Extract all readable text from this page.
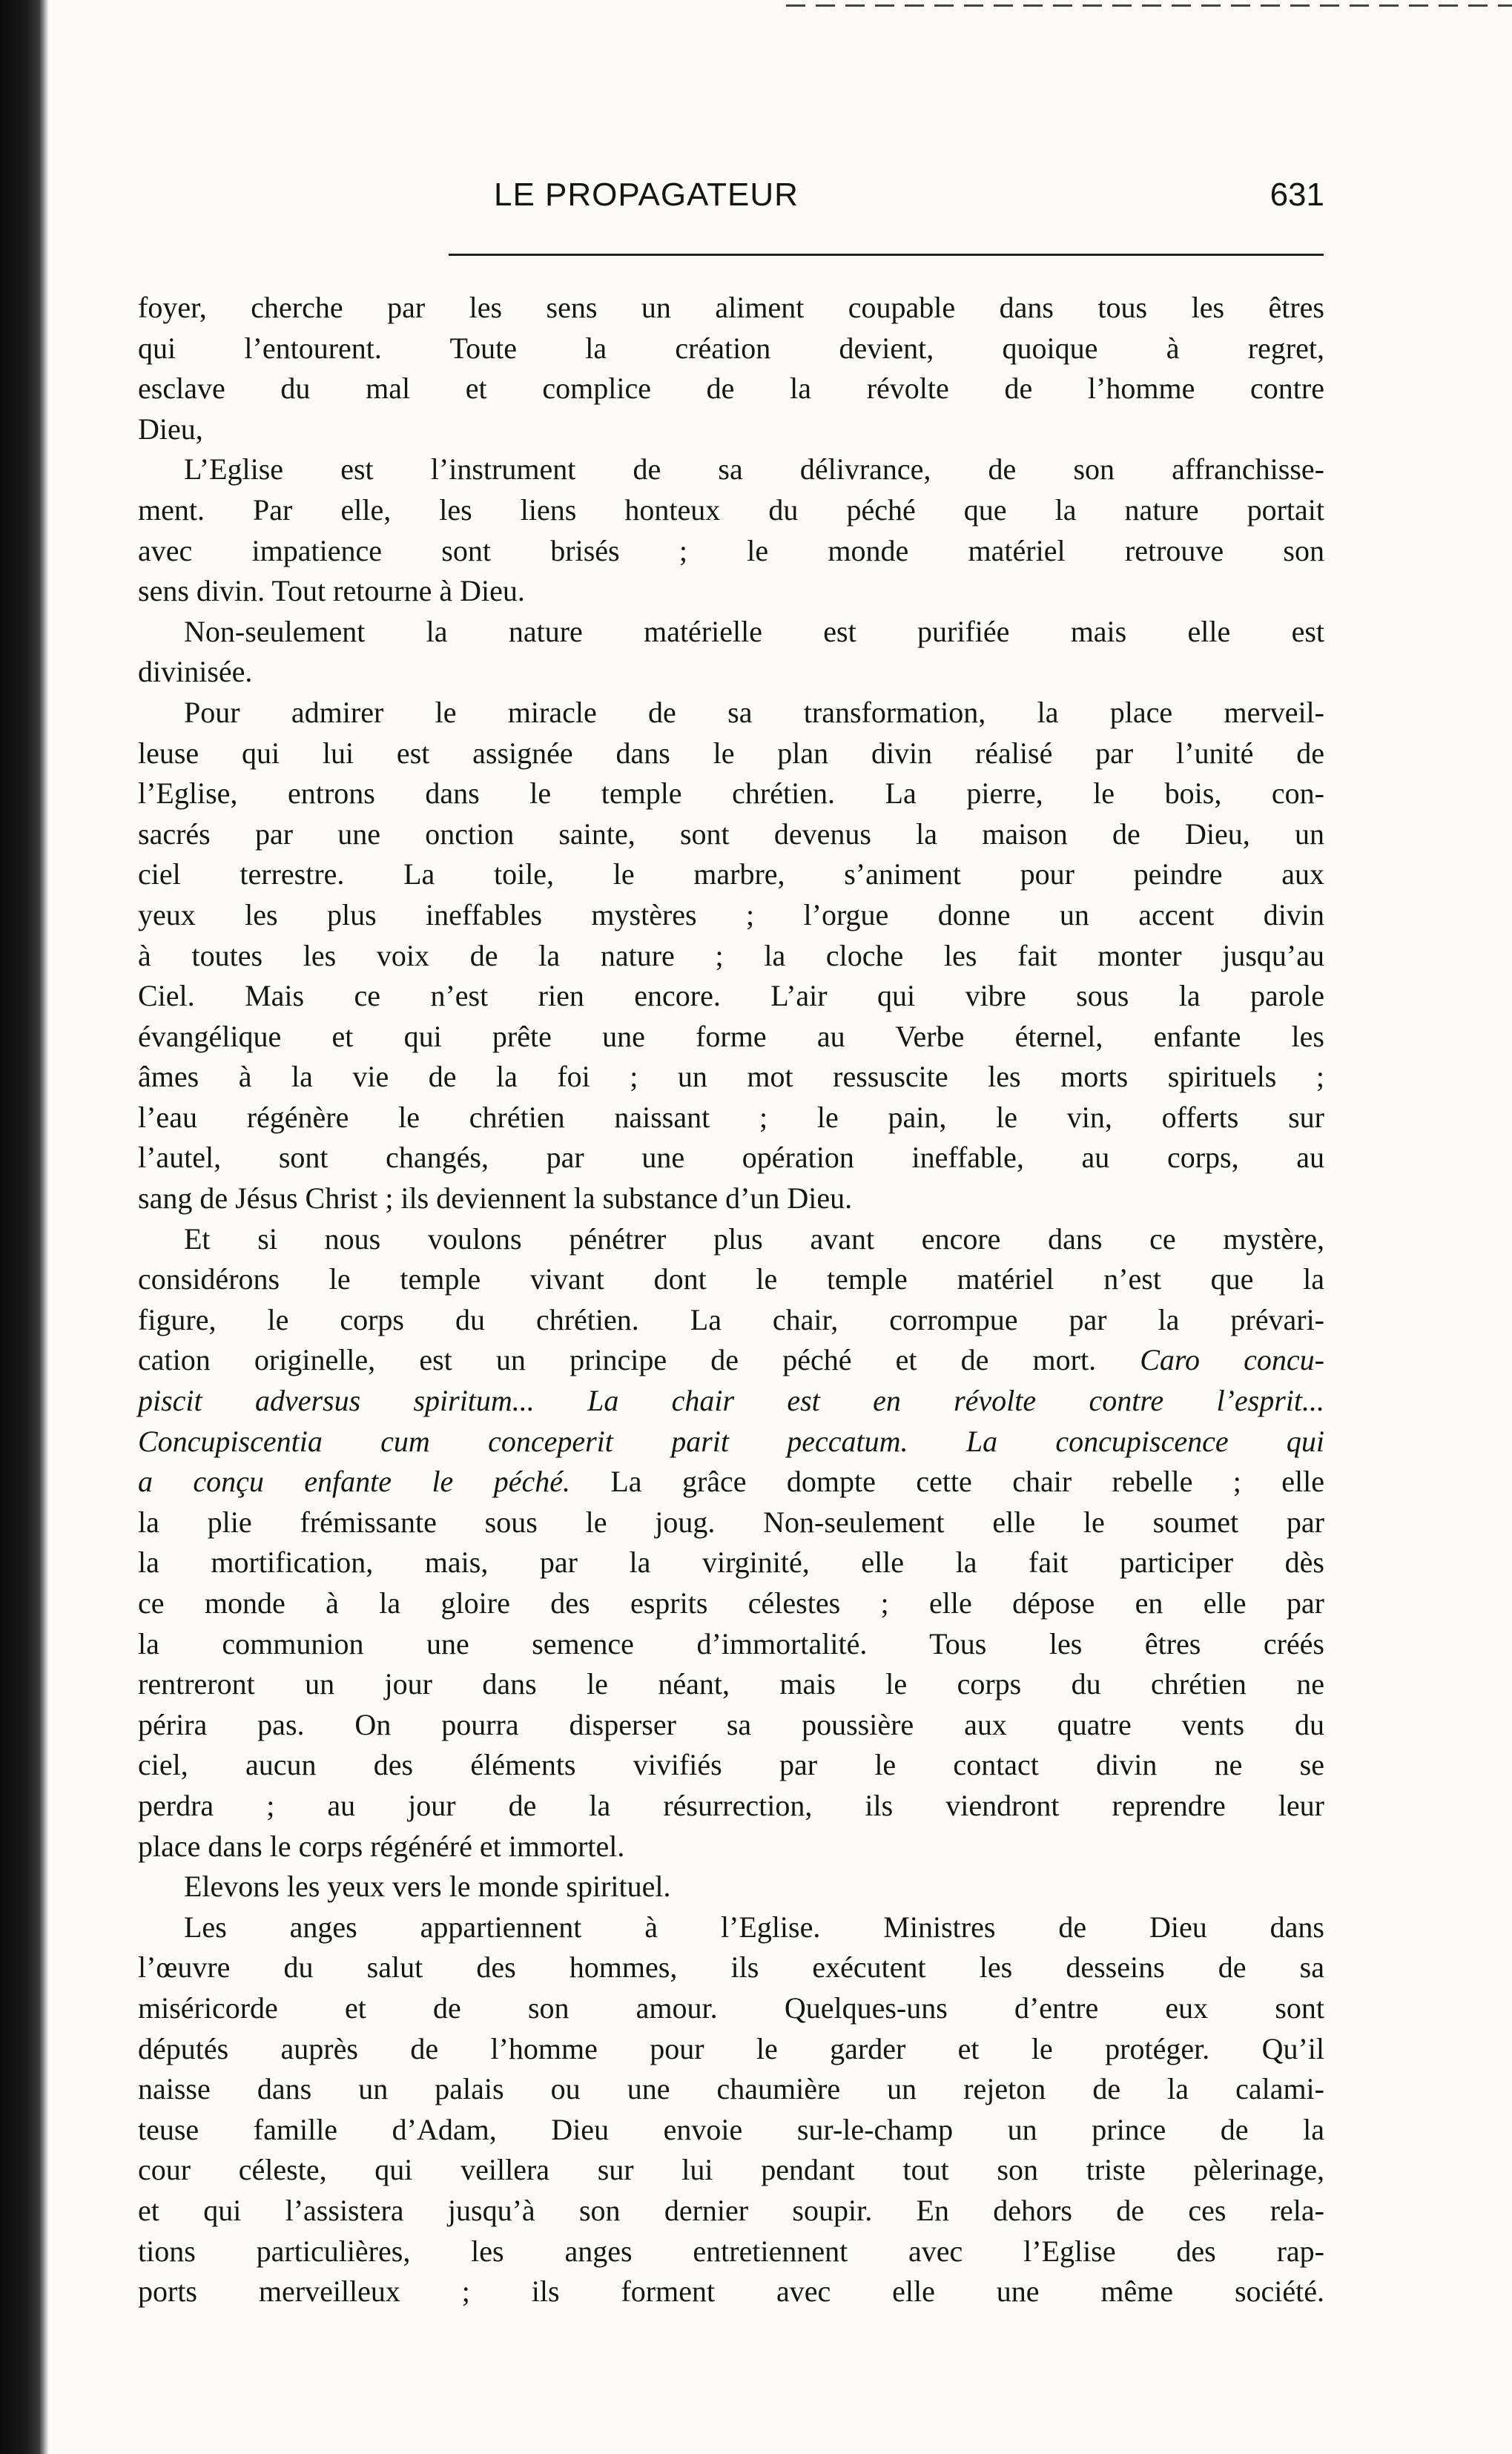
LE PROPAGATEUR	631
foyer, cherche par les sens un aliment coupable dans tous les êtres
qui l’entourent. Toute la création devient, quoique à regret,
esclave du mal et complice de la révolte de l’homme contre
Dieu,
L’Eglise est l’instrument de sa délivrance, de son affranchisse-
ment. Par elle, les liens honteux du péché que la nature portait
avec impatience sont brisés ; le monde matériel retrouve son
sens divin. Tout retourne à Dieu.
Non-seulement la nature matérielle est purifiée mais elle est
divinisée.
Pour admirer le miracle de sa transformation, la place merveil-
leuse qui lui est assignée dans le plan divin réalisé par l’unité de
l’Eglise, entrons dans le temple chrétien. La pierre, le bois, con-
sacrés par une onction sainte, sont devenus la maison de Dieu, un
ciel terrestre. La toile, le marbre, s’animent pour peindre aux
yeux les plus ineffables mystères ; l’orgue donne un accent divin
à toutes les voix de la nature ; la cloche les fait monter jusqu’au
Ciel. Mais ce n’est rien encore. L’air qui vibre sous la parole
évangélique et qui prête une forme au Verbe éternel, enfante les
âmes à la vie de la foi ; un mot ressuscite les morts spirituels ;
l’eau régénère le chrétien naissant ; le pain, le vin, offerts sur
l’autel, sont changés, par une opération ineffable, au corps, au
sang de Jésus Christ ; ils deviennent la substance d’un Dieu.
Et si nous voulons pénétrer plus avant encore dans ce mystère,
considérons le temple vivant dont le temple matériel n’est que la
figure, le corps du chrétien. La chair, corrompue par la prévari-
cation originelle, est un principe de péché et de mort. Caro concu-
piscit adversus spiritum... La chair est en révolte contre l’esprit...
Concupiscentia cum conceperit parit peccatum. La concupiscence qui
a conçu enfante le péché. La grâce dompte cette chair rebelle ; elle
la plie frémissante sous le joug. Non-seulement elle le soumet par
la mortification, mais, par la virginité, elle la fait participer dès
ce monde à la gloire des esprits célestes ; elle dépose en elle par
la communion une semence d’immortalité. Tous les êtres créés
rentreront un jour dans le néant, mais le corps du chrétien ne
périra pas. On pourra disperser sa poussière aux quatre vents du
ciel, aucun des éléments vivifiés par le contact divin ne se
perdra ; au jour de la résurrection, ils viendront reprendre leur
place dans le corps régénéré et immortel.
Elevons les yeux vers le monde spirituel.
Les anges appartiennent à l’Eglise. Ministres de Dieu dans
l’œuvre du salut des hommes, ils exécutent les desseins de sa
miséricorde et de son amour. Quelques-uns d’entre eux sont
députés auprès de l’homme pour le garder et le protéger. Qu’il
naisse dans un palais ou une chaumière un rejeton de la calami-
teuse famille d’Adam, Dieu envoie sur-le-champ un prince de la
cour céleste, qui veillera sur lui pendant tout son triste pèlerinage,
et qui l’assistera jusqu’à son dernier soupir. En dehors de ces rela-
tions particulières, les anges entretiennent avec l’Eglise des rap-
ports merveilleux ; ils forment avec elle une même société.
